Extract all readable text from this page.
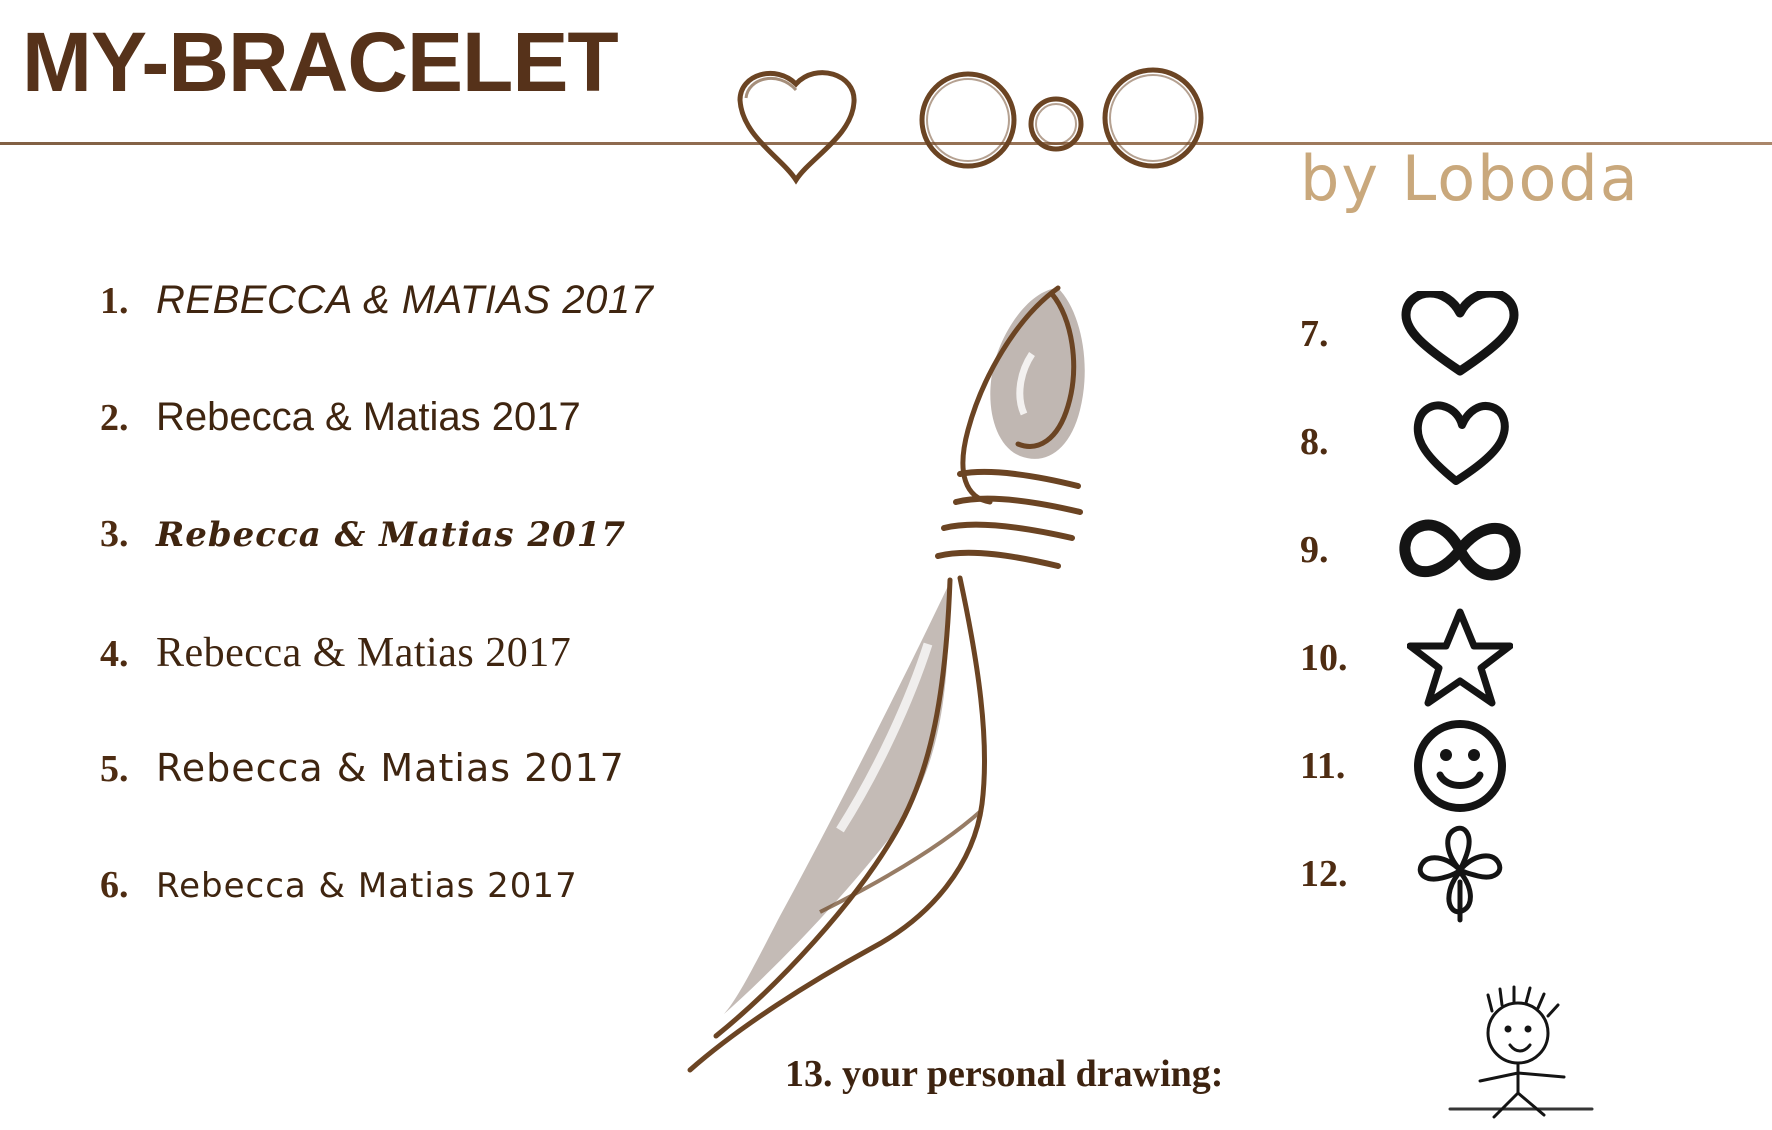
MY-BRACELET
by Loboda
1. REBECCA & MATIAS 2017
2. Rebecca & Matias 2017
3. Rebecca & Matias 2017
4. Rebecca & Matias 2017
5. Rebecca & Matias 2017
6. Rebecca & Matias 2017
7.
8.
9.
10.
11.
12.
13. your personal drawing:
